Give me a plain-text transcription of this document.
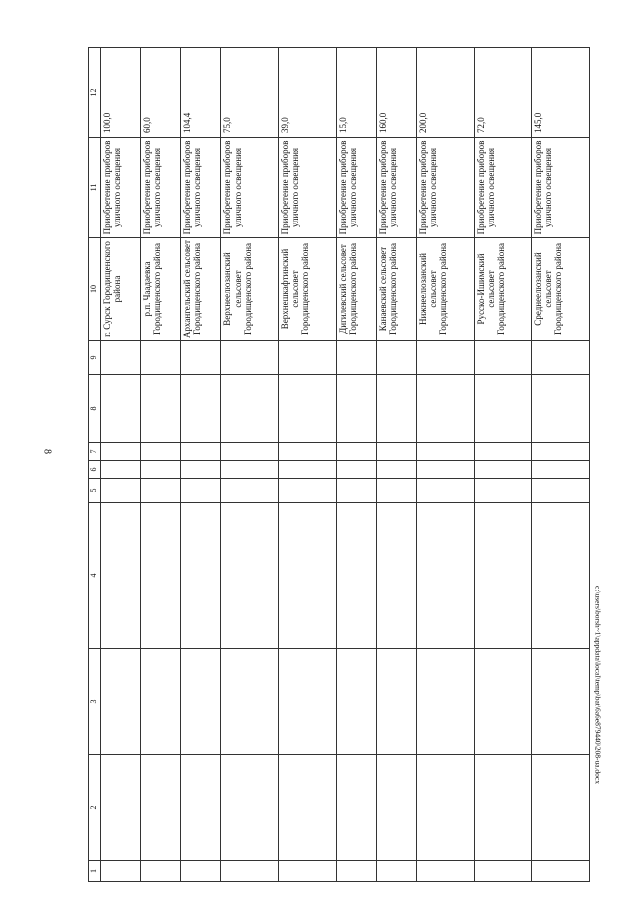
8
1	2	3	4	5	6	7	8	9	10	11	12
									г. Сурск Городищенского района	Приобретение приборов уличного освещения	100,0
									р.п. Чаадаевка Городищенского района	Приобретение приборов уличного освещения	60,0
									Архангельский сельсовет Городищенского района	Приобретение приборов уличного освещения	104,4
									Верхнеелюзанский сельсовет Городищенского района	Приобретение приборов уличного освещения	75,0
									Верхнешкафтинский сельсовет Городищенского района	Приобретение приборов уличного освещения	39,0
									Дигилевский сельсовет Городищенского района	Приобретение приборов уличного освещения	15,0
									Канаевский сельсовет Городищенского района	Приобретение приборов уличного освещения	160,0
									Нижнеелюзанский сельсовет Городищенского района	Приобретение приборов уличного освещения	200,0
									Русско-Ишимский сельсовет Городищенского района	Приобретение приборов уличного освещения	72,0
									Среднеелюзанский сельсовет Городищенского района	Приобретение приборов уличного освещения	145,0
c:\users\borsh~1\appdata\local\temp\bat\6a6e879440\208-ua.docx
